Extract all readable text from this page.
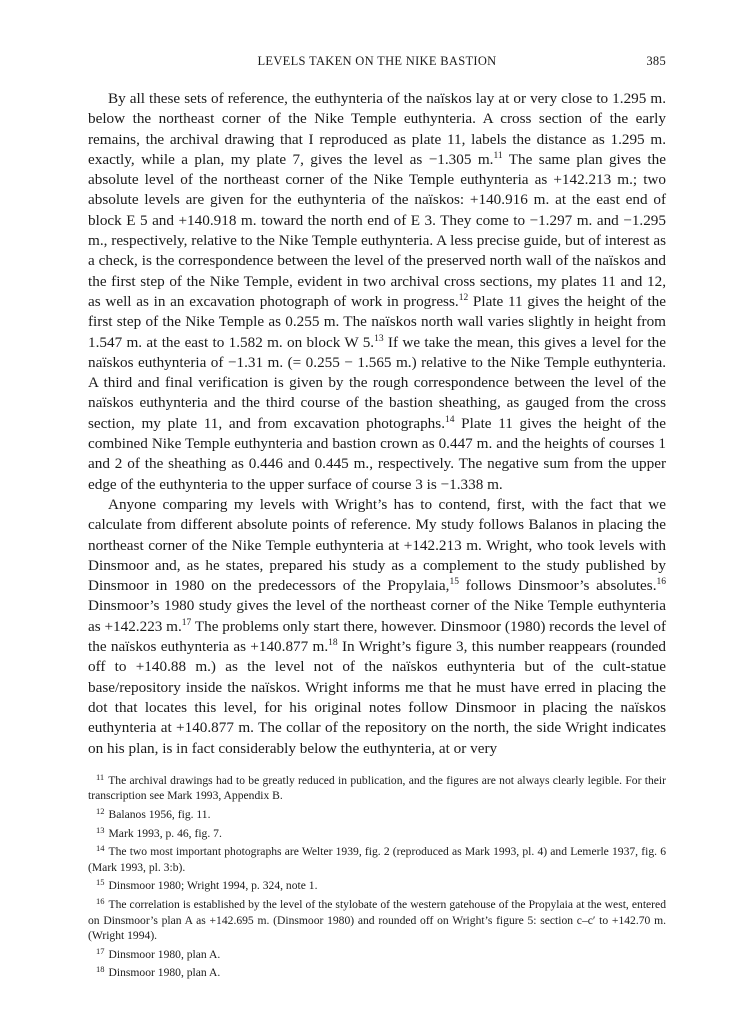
LEVELS TAKEN ON THE NIKE BASTION	385

By all these sets of reference, the euthynteria of the naïskos lay at or very close to 1.295 m. below the northeast corner of the Nike Temple euthynteria. A cross section of the early remains, the archival drawing that I reproduced as plate 11, labels the distance as 1.295 m. exactly, while a plan, my plate 7, gives the level as −1.305 m.$^{11}$ The same plan gives the absolute level of the northeast corner of the Nike Temple euthynteria as +142.213 m.; two absolute levels are given for the euthynteria of the naïskos: +140.916 m. at the east end of block E 5 and +140.918 m. toward the north end of E 3. They come to −1.297 m. and −1.295 m., respectively, relative to the Nike Temple euthynteria. A less precise guide, but of interest as a check, is the correspondence between the level of the preserved north wall of the naïskos and the first step of the Nike Temple, evident in two archival cross sections, my plates 11 and 12, as well as in an excavation photograph of work in progress.$^{12}$ Plate 11 gives the height of the first step of the Nike Temple as 0.255 m. The naïskos north wall varies slightly in height from 1.547 m. at the east to 1.582 m. on block W 5.13 If we take the mean, this gives a level for the naïskos euthynteria of −1.31 m. (= 0.255 − 1.565 m.) relative to the Nike Temple euthynteria. A third and final verification is given by the rough correspondence between the level of the naïskos euthynteria and the third course of the bastion sheathing, as gauged from the cross section, my plate 11, and from excavation photographs.$^{14}$ Plate 11 gives the height of the combined Nike Temple euthynteria and bastion crown as 0.447 m. and the heights of courses 1 and 2 of the sheathing as 0.446 and 0.445 m., respectively. The negative sum from the upper edge of the euthynteria to the upper surface of course 3 is −1.338 m.

Anyone comparing my levels with Wright’s has to contend, first, with the fact that we calculate from different absolute points of reference. My study follows Balanos in placing the northeast corner of the Nike Temple euthynteria at +142.213 m. Wright, who took levels with Dinsmoor and, as he states, prepared his study as a complement to the study published by Dinsmoor in 1980 on the predecessors of the Propylaia,$^{15}$ follows Dinsmoor’s absolutes.$^{16}$ Dinsmoor’s 1980 study gives the level of the northeast corner of the Nike Temple euthynteria as +142.223 m.$^{17}$ The problems only start there, however. Dinsmoor (1980) records the level of the naïskos euthynteria as +140.877 m.$^{18}$ In Wright’s figure 3, this number reappears (rounded off to +140.88 m.) as the level not of the naïskos euthynteria but of the cult-statue base/repository inside the naïskos. Wright informs me that he must have erred in placing the dot that locates this level, for his original notes follow Dinsmoor in placing the naïskos euthynteria at +140.877 m. The collar of the repository on the north, the side Wright indicates on his plan, is in fact considerably below the euthynteria, at or very

$^{11}$ The archival drawings had to be greatly reduced in publication, and the figures are not always clearly legible. For their transcription see Mark 1993, Appendix B.

$^{12}$ Balanos 1956, fig. 11.

$^{13}$ Mark 1993, p. 46, fig. 7.

$^{14}$ The two most important photographs are Welter 1939, fig. 2 (reproduced as Mark 1993, pl. 4) and Lemerle 1937, fig. 6 (Mark 1993, pl. 3:b).

$^{15}$ Dinsmoor 1980; Wright 1994, p. 324, note 1.

$^{16}$ The correlation is established by the level of the stylobate of the western gatehouse of the Propylaia at the west, entered on Dinsmoor’s plan A as +142.695 m. (Dinsmoor 1980) and rounded off on Wright’s figure 5: section c–c′ to +142.70 m. (Wright 1994).

$^{17}$ Dinsmoor 1980, plan A.

$^{18}$ Dinsmoor 1980, plan A.
